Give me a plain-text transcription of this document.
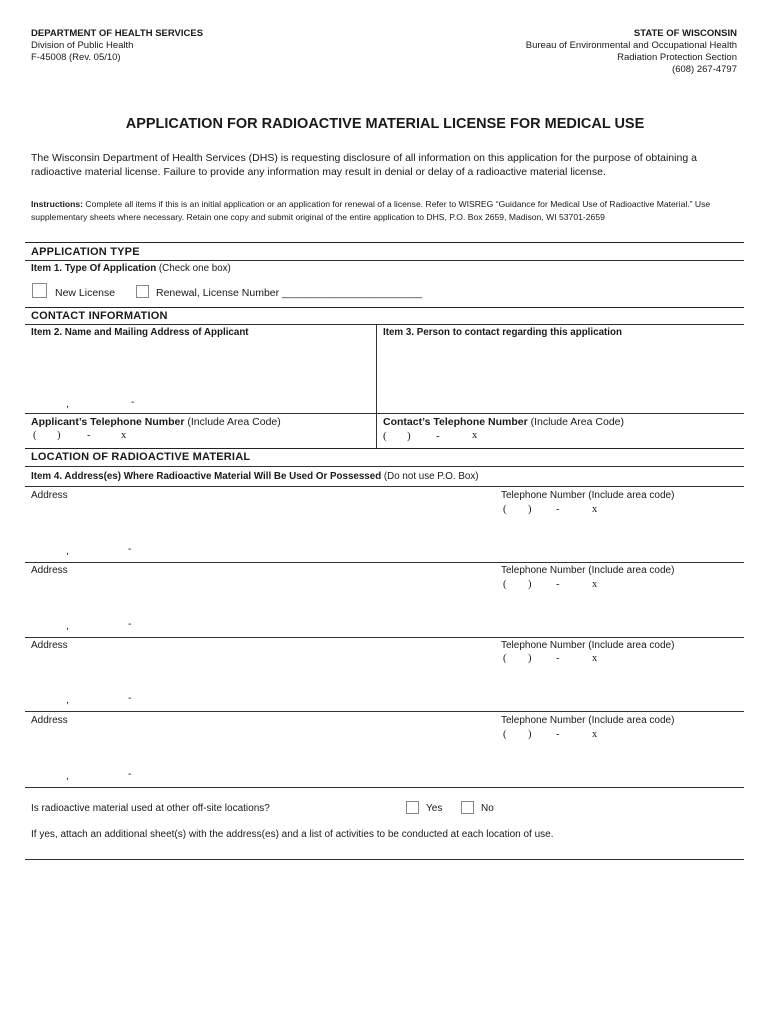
DEPARTMENT OF HEALTH SERVICES
Division of Public Health
F-45008 (Rev. 05/10)
STATE OF WISCONSIN
Bureau of Environmental and Occupational Health
Radiation Protection Section
(608) 267-4797
APPLICATION FOR RADIOACTIVE MATERIAL LICENSE FOR MEDICAL USE
The Wisconsin Department of Health Services (DHS) is requesting disclosure of all information on this application for the purpose of obtaining a radioactive material license. Failure to provide any information may result in denial or delay of a radioactive material license.
Instructions: Complete all items if this is an initial application or an application for renewal of a license. Refer to WISREG “Guidance for Medical Use of Radioactive Material.” Use supplementary sheets where necessary. Retain one copy and submit original of the entire application to DHS, P.O. Box 2659, Madison, WI 53701-2659
APPLICATION TYPE
Item 1. Type Of Application (Check one box)
New License	Renewal, License Number ________________________
CONTACT INFORMATION
Item 2. Name and Mailing Address of Applicant	Item 3. Person to contact regarding this application
,	-
Applicant’s Telephone Number (Include Area Code)	Contact’s Telephone Number (Include Area Code)
( )	-	x	( ) -	x
LOCATION OF RADIOACTIVE MATERIAL
Item 4. Address(es) Where Radioactive Material Will Be Used Or Possessed (Do not use P.O. Box)
Address	Telephone Number (Include area code)
( ) -	x
,	-
Address	Telephone Number (Include area code)
( ) -	x
,	-
Address	Telephone Number (Include area code)
( ) -	x
,	-
Address	Telephone Number (Include area code)
( ) -	x
,	-
Is radioactive material used at other off-site locations?	Yes	No
If yes, attach an additional sheet(s) with the address(es) and a list of activities to be conducted at each location of use.
